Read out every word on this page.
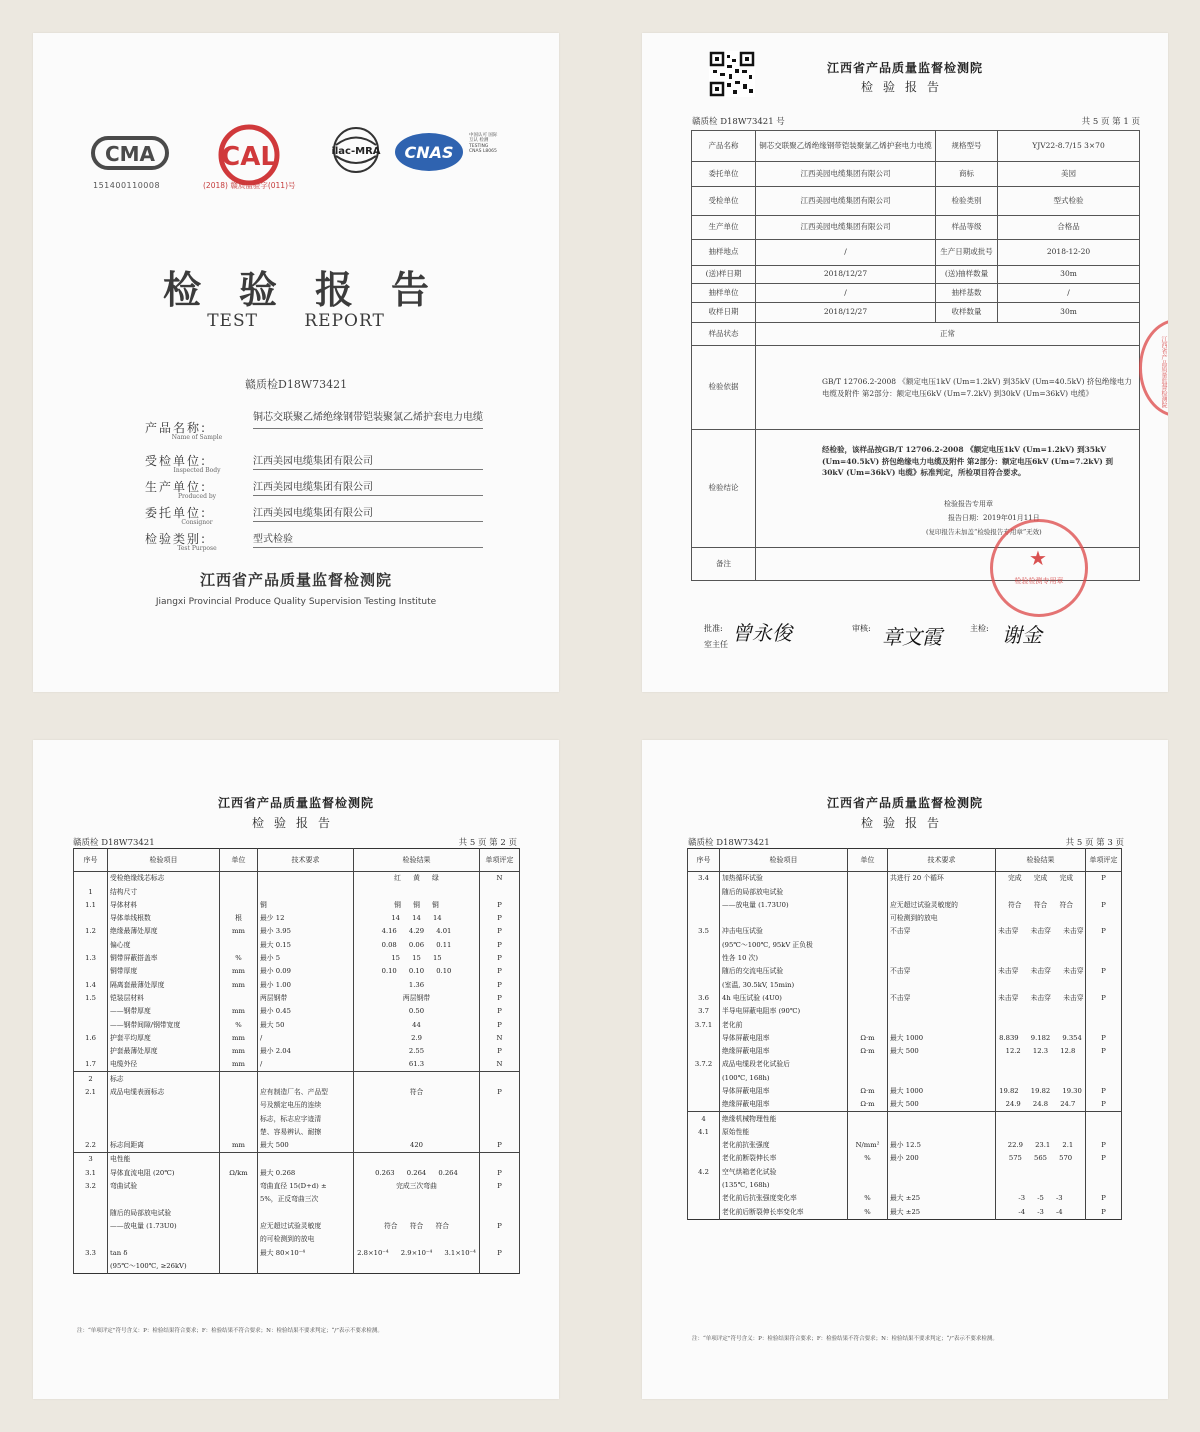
CMA
151400110008
CAL
(2018) 赣质监验字(011)号
ilac-MRA CNAS
中国认可 国际互认 检测 TESTING CNAS L8065
检验报告
TEST REPORT
赣质检D18W73421
产品名称:
Name of Sample
铜芯交联聚乙烯绝缘钢带铠装聚氯乙烯护套电力电缆
受检单位:
Inspected Body
江西美园电缆集团有限公司
生产单位:
Produced by
江西美园电缆集团有限公司
委托单位:
Consignor
江西美园电缆集团有限公司
检验类别:
Test Purpose
型式检验
江西省产品质量监督检测院
Jiangxi Provincial Produce Quality Supervision Testing Institute
江西省产品质量监督检测院
检验报告
赣质检 D18W73421 号	共 5 页 第 1 页
产品名称	铜芯交联聚乙烯绝缘钢带铠装聚氯乙烯护套电力电缆	规格型号	YJV22-8.7/15 3×70
委托单位	江西美园电缆集团有限公司	商标	美园
受检单位	江西美园电缆集团有限公司	检验类别	型式检验
生产单位	江西美园电缆集团有限公司	样品等级	合格品
抽样地点	/	生产日期或批号	2018-12-20
(送)样日期	2018/12/27	(送)抽样数量	30m
抽样单位	/	抽样基数	/
收样日期	2018/12/27	收样数量	30m
样品状态	正常		
检验依据	GB/T 12706.2-2008 《额定电压1kV (Um=1.2kV) 到35kV (Um=40.5kV) 挤包绝缘电力电缆及附件 第2部分：额定电压6kV (Um=7.2kV) 到30kV (Um=36kV) 电缆》		
检验结论	经检验，该样品按GB/T 12706.2-2008 《额定电压1kV (Um=1.2kV) 到35kV (Um=40.5kV) 挤包绝缘电力电缆及附件 第2部分：额定电压6kV (Um=7.2kV) 到30kV (Um=36kV) 电缆》标准判定，所检项目符合要求。
检验报告专用章
报告日期：2019年01月11日
(复印报告未加盖“检验报告专用章”无效)		

备注			
检验检测专用章
★
江西省产品质量监督检测院
批准:
室主任 曾永俊	审核: 章文霞	主检: 谢金
江西省产品质量监督检测院
检验报告
赣质检 D18W73421	共 5 页 第 2 页
序号	检验项目	单位	技术要求	检验结果	单项评定
	受检绝缘线芯标志			红 黄 绿	N
1	结构尺寸				
1.1	导体材料		铜	铜 铜 铜	P
	导体单线根数	根	最少 12	14 14 14	P
1.2	绝缘最薄处厚度	mm	最小 3.95	4.16 4.29 4.01	P
	偏心度		最大 0.15	0.08 0.06 0.11	P
1.3	铜带屏蔽搭盖率	%	最小 5	15 15 15	P
	铜带厚度	mm	最小 0.09	0.10 0.10 0.10	P
1.4	隔离套最薄处厚度	mm	最小 1.00	1.36	P
1.5	铠装层材料		两层钢带	两层钢带	P
	——钢带厚度	mm	最小 0.45	0.50	P
	——钢带间隙/钢带宽度	%	最大 50	44	P
1.6	护套平均厚度	mm	/	2.9	N
	护套最薄处厚度	mm	最小 2.04	2.55	P
1.7	电缆外径	mm	/	61.3	N
2	标志				
2.1	成品电缆表面标志		应有制造厂名、产品型	符合	P
			号及额定电压的连续		
			标志，标志应字迹清		
			楚、容易辨认、耐擦		
2.2	标志间距离	mm	最大 500	420	P
3	电性能				
3.1	导体直流电阻 (20℃)	Ω/km	最大 0.268	0.263 0.264 0.264	P
3.2	弯曲试验		弯曲直径 15(D+d) ±	完成三次弯曲	P
			5%，正反弯曲三次		
	随后的局部放电试验				
	——放电量 (1.73U0)		应无超过试验灵敏度	符合 符合 符合	P
			的可检测到的放电		
3.3	tan δ		最大 80×10⁻⁴	2.8×10⁻⁴ 2.9×10⁻⁴ 3.1×10⁻⁴	P
	(95℃～100℃, ≥26kV)				
注：“单项评定”符号含义：P：检验结果符合要求；F：检验结果不符合要求；N：检验结果不要求判定；“/”表示不要求检测。
江西省产品质量监督检测院
检验报告
赣质检 D18W73421	共 5 页 第 3 页
序号	检验项目	单位	技术要求	检验结果	单项评定
3.4	加热循环试验		共进行 20 个循环	完成 完成 完成	P
	随后的局部放电试验				
	——放电量 (1.73U0)		应无超过试验灵敏度的	符合 符合 符合	P
			可检测到的放电		
3.5	冲击电压试验		不击穿	未击穿 未击穿 未击穿	P
	(95℃～100℃, 95kV 正负极				
	性各 10 次)				
	随后的交流电压试验		不击穿	未击穿 未击穿 未击穿	P
	(室温, 30.5kV, 15min)				
3.6	4h 电压试验 (4U0)		不击穿	未击穿 未击穿 未击穿	P
3.7	半导电屏蔽电阻率 (90℃)				
3.7.1	老化前				
	导体屏蔽电阻率	Ω·m	最大 1000	8.839 9.182 9.354	P
	绝缘屏蔽电阻率	Ω·m	最大 500	12.2 12.3 12.8	P
3.7.2	成品电缆段老化试验后				
	(100℃, 168h)				
	导体屏蔽电阻率	Ω·m	最大 1000	19.82 19.82 19.30	P
	绝缘屏蔽电阻率	Ω·m	最大 500	24.9 24.8 24.7	P
4	绝缘机械物理性能				
4.1	原始性能				
	老化前抗张强度	N/mm²	最小 12.5	22.9 23.1 2.1	P
	老化前断裂伸长率	%	最小 200	575 565 570	P
4.2	空气烘箱老化试验				
	(135℃, 168h)				
	老化前后抗张强度变化率	%	最大 ±25	-3 -5 -3	P
	老化前后断裂伸长率变化率	%	最大 ±25	-4 -3 -4	P
注：“单项评定”符号含义：P：检验结果符合要求；F：检验结果不符合要求；N：检验结果不要求判定；“/”表示不要求检测。
